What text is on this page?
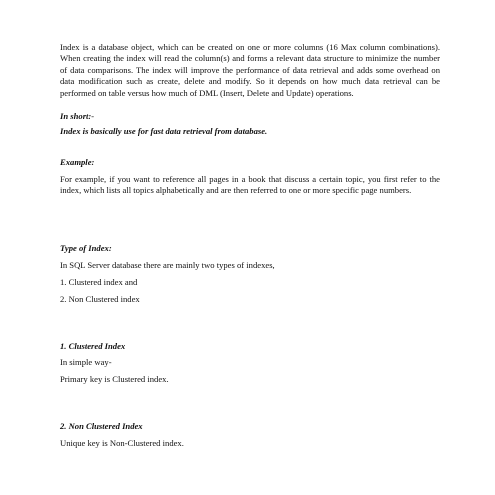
Index is a database object, which can be created on one or more columns (16 Max column combinations). When creating the index will read the column(s) and forms a relevant data structure to minimize the number of data comparisons. The index will improve the performance of data retrieval and adds some overhead on data modification such as create, delete and modify. So it depends on how much data retrieval can be performed on table versus how much of DML (Insert, Delete and Update) operations.

In short:-

Index is basically use for fast data retrieval from database.

Example:

For example, if you want to reference all pages in a book that discuss a certain topic, you first refer to the index, which lists all topics alphabetically and are then referred to one or more specific page numbers.

Type of Index:

In SQL Server database there are mainly two types of indexes,

1. Clustered index and

2. Non Clustered index

1. Clustered Index

In simple way-

Primary key is Clustered index.

2. Non Clustered Index

Unique key is Non-Clustered index.
